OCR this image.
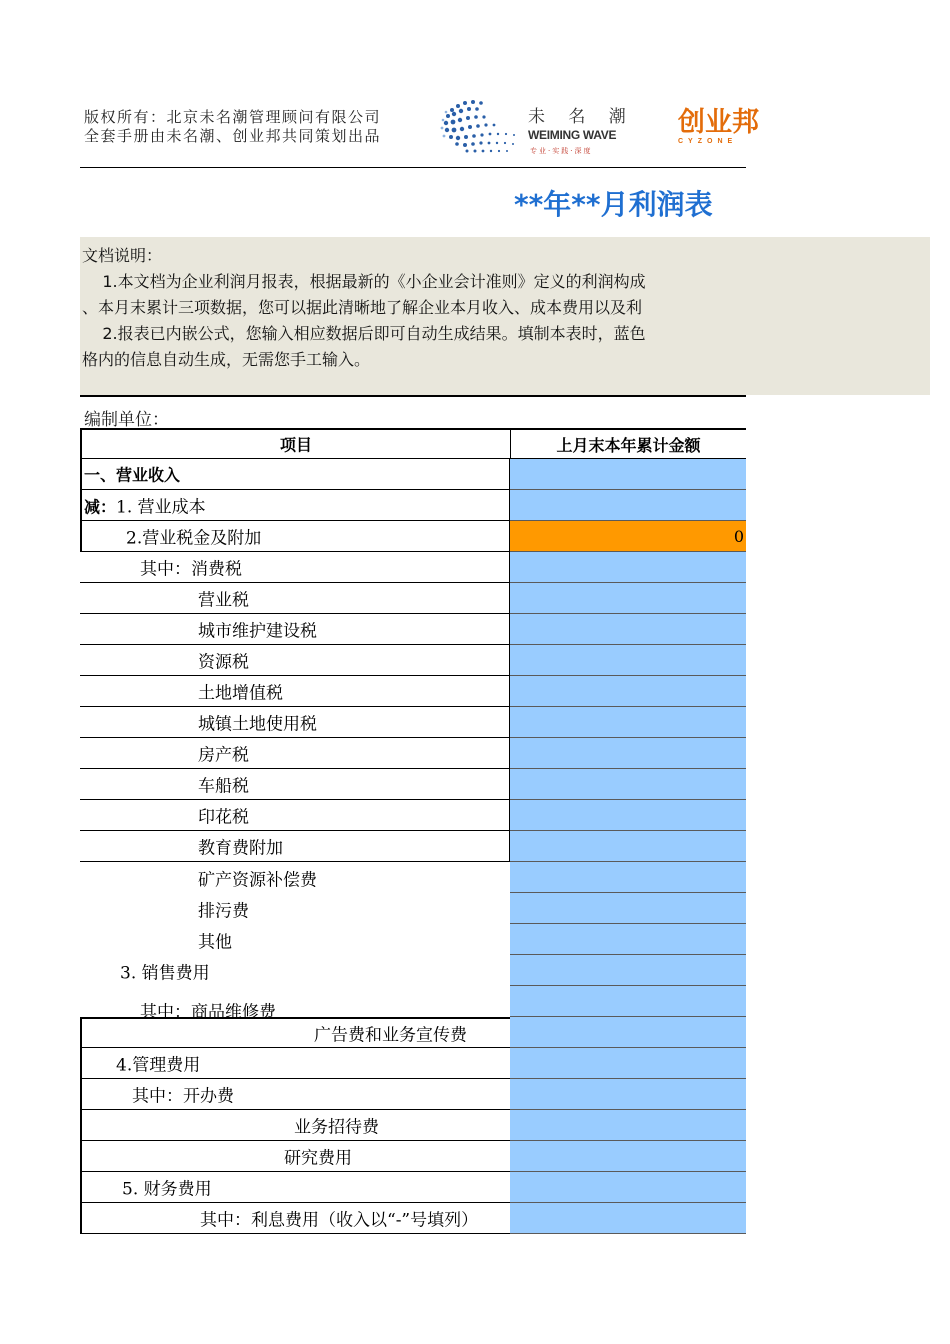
版权所有：北京未名潮管理顾问有限公司
全套手册由未名潮、创业邦共同策划出品
未 名 潮
WEIMING WAVE
专业·实践·深度
创业邦
CYZONE
**年**月利润表
文档说明：
1.本文档为企业利润月报表，根据最新的《小企业会计准则》定义的利润构成
、本月末累计三项数据，您可以据此清晰地了解企业本月收入、成本费用以及利
2.报表已内嵌公式，您输入相应数据后即可自动生成结果。填制本表时，蓝色
格内的信息自动生成，无需您手工输入。
编制单位：
项目	上月末本年累计金额
一、营业收入
减：1. 营业成本
2.营业税金及附加	0
其中：消费税
营业税
城市维护建设税
资源税
土地增值税
城镇土地使用税
房产税
车船税
印花税
教育费附加
矿产资源补偿费
排污费
其他
3. 销售费用
其中：商品维修费
广告费和业务宣传费
4.管理费用
其中：开办费
业务招待费
研究费用
5. 财务费用
其中：利息费用（收入以“-”号填列）
